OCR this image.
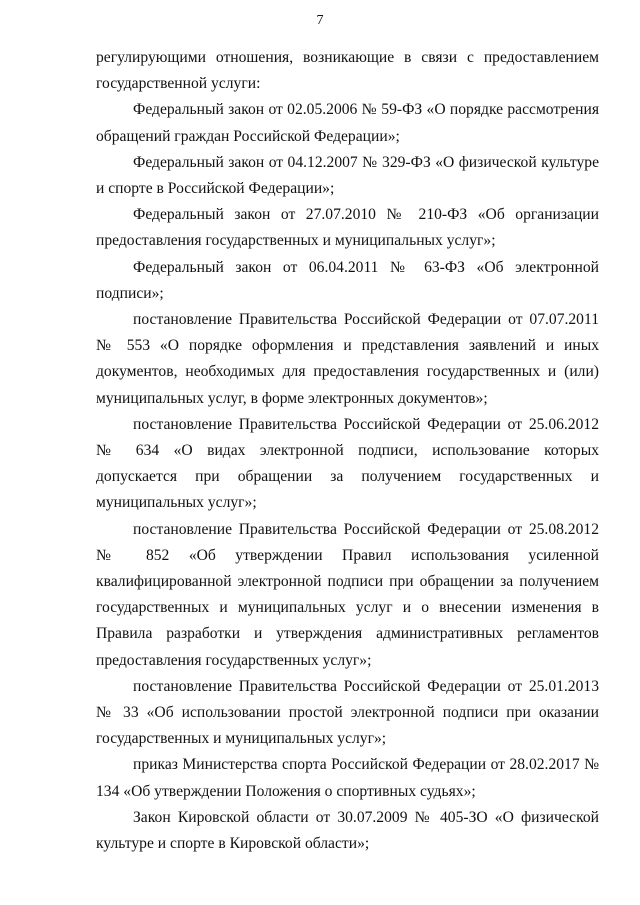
7

регулирующими отношения, возникающие в связи с предоставлением государственной услуги:

Федеральный закон от 02.05.2006 № 59-ФЗ «О порядке рассмотрения обращений граждан Российской Федерации»;

Федеральный закон от 04.12.2007 № 329-ФЗ «О физической культуре и спорте в Российской Федерации»;

Федеральный закон от 27.07.2010 № 210-ФЗ «Об организации предоставления государственных и муниципальных услуг»;

Федеральный закон от 06.04.2011 № 63-ФЗ «Об электронной подписи»;

постановление Правительства Российской Федерации от 07.07.2011 № 553 «О порядке оформления и представления заявлений и иных документов, необходимых для предоставления государственных и (или) муниципальных услуг, в форме электронных документов»;

постановление Правительства Российской Федерации от 25.06.2012 № 634 «О видах электронной подписи, использование которых допускается при обращении за получением государственных и муниципальных услуг»;

постановление Правительства Российской Федерации от 25.08.2012 № 852 «Об утверждении Правил использования усиленной квалифицированной электронной подписи при обращении за получением государственных и муниципальных услуг и о внесении изменения в Правила разработки и утверждения административных регламентов предоставления государственных услуг»;

постановление Правительства Российской Федерации от 25.01.2013 № 33 «Об использовании простой электронной подписи при оказании государственных и муниципальных услуг»;

приказ Министерства спорта Российской Федерации от 28.02.2017 № 134 «Об утверждении Положения о спортивных судьях»;

Закон Кировской области от 30.07.2009 № 405-ЗО «О физической культуре и спорте в Кировской области»;
